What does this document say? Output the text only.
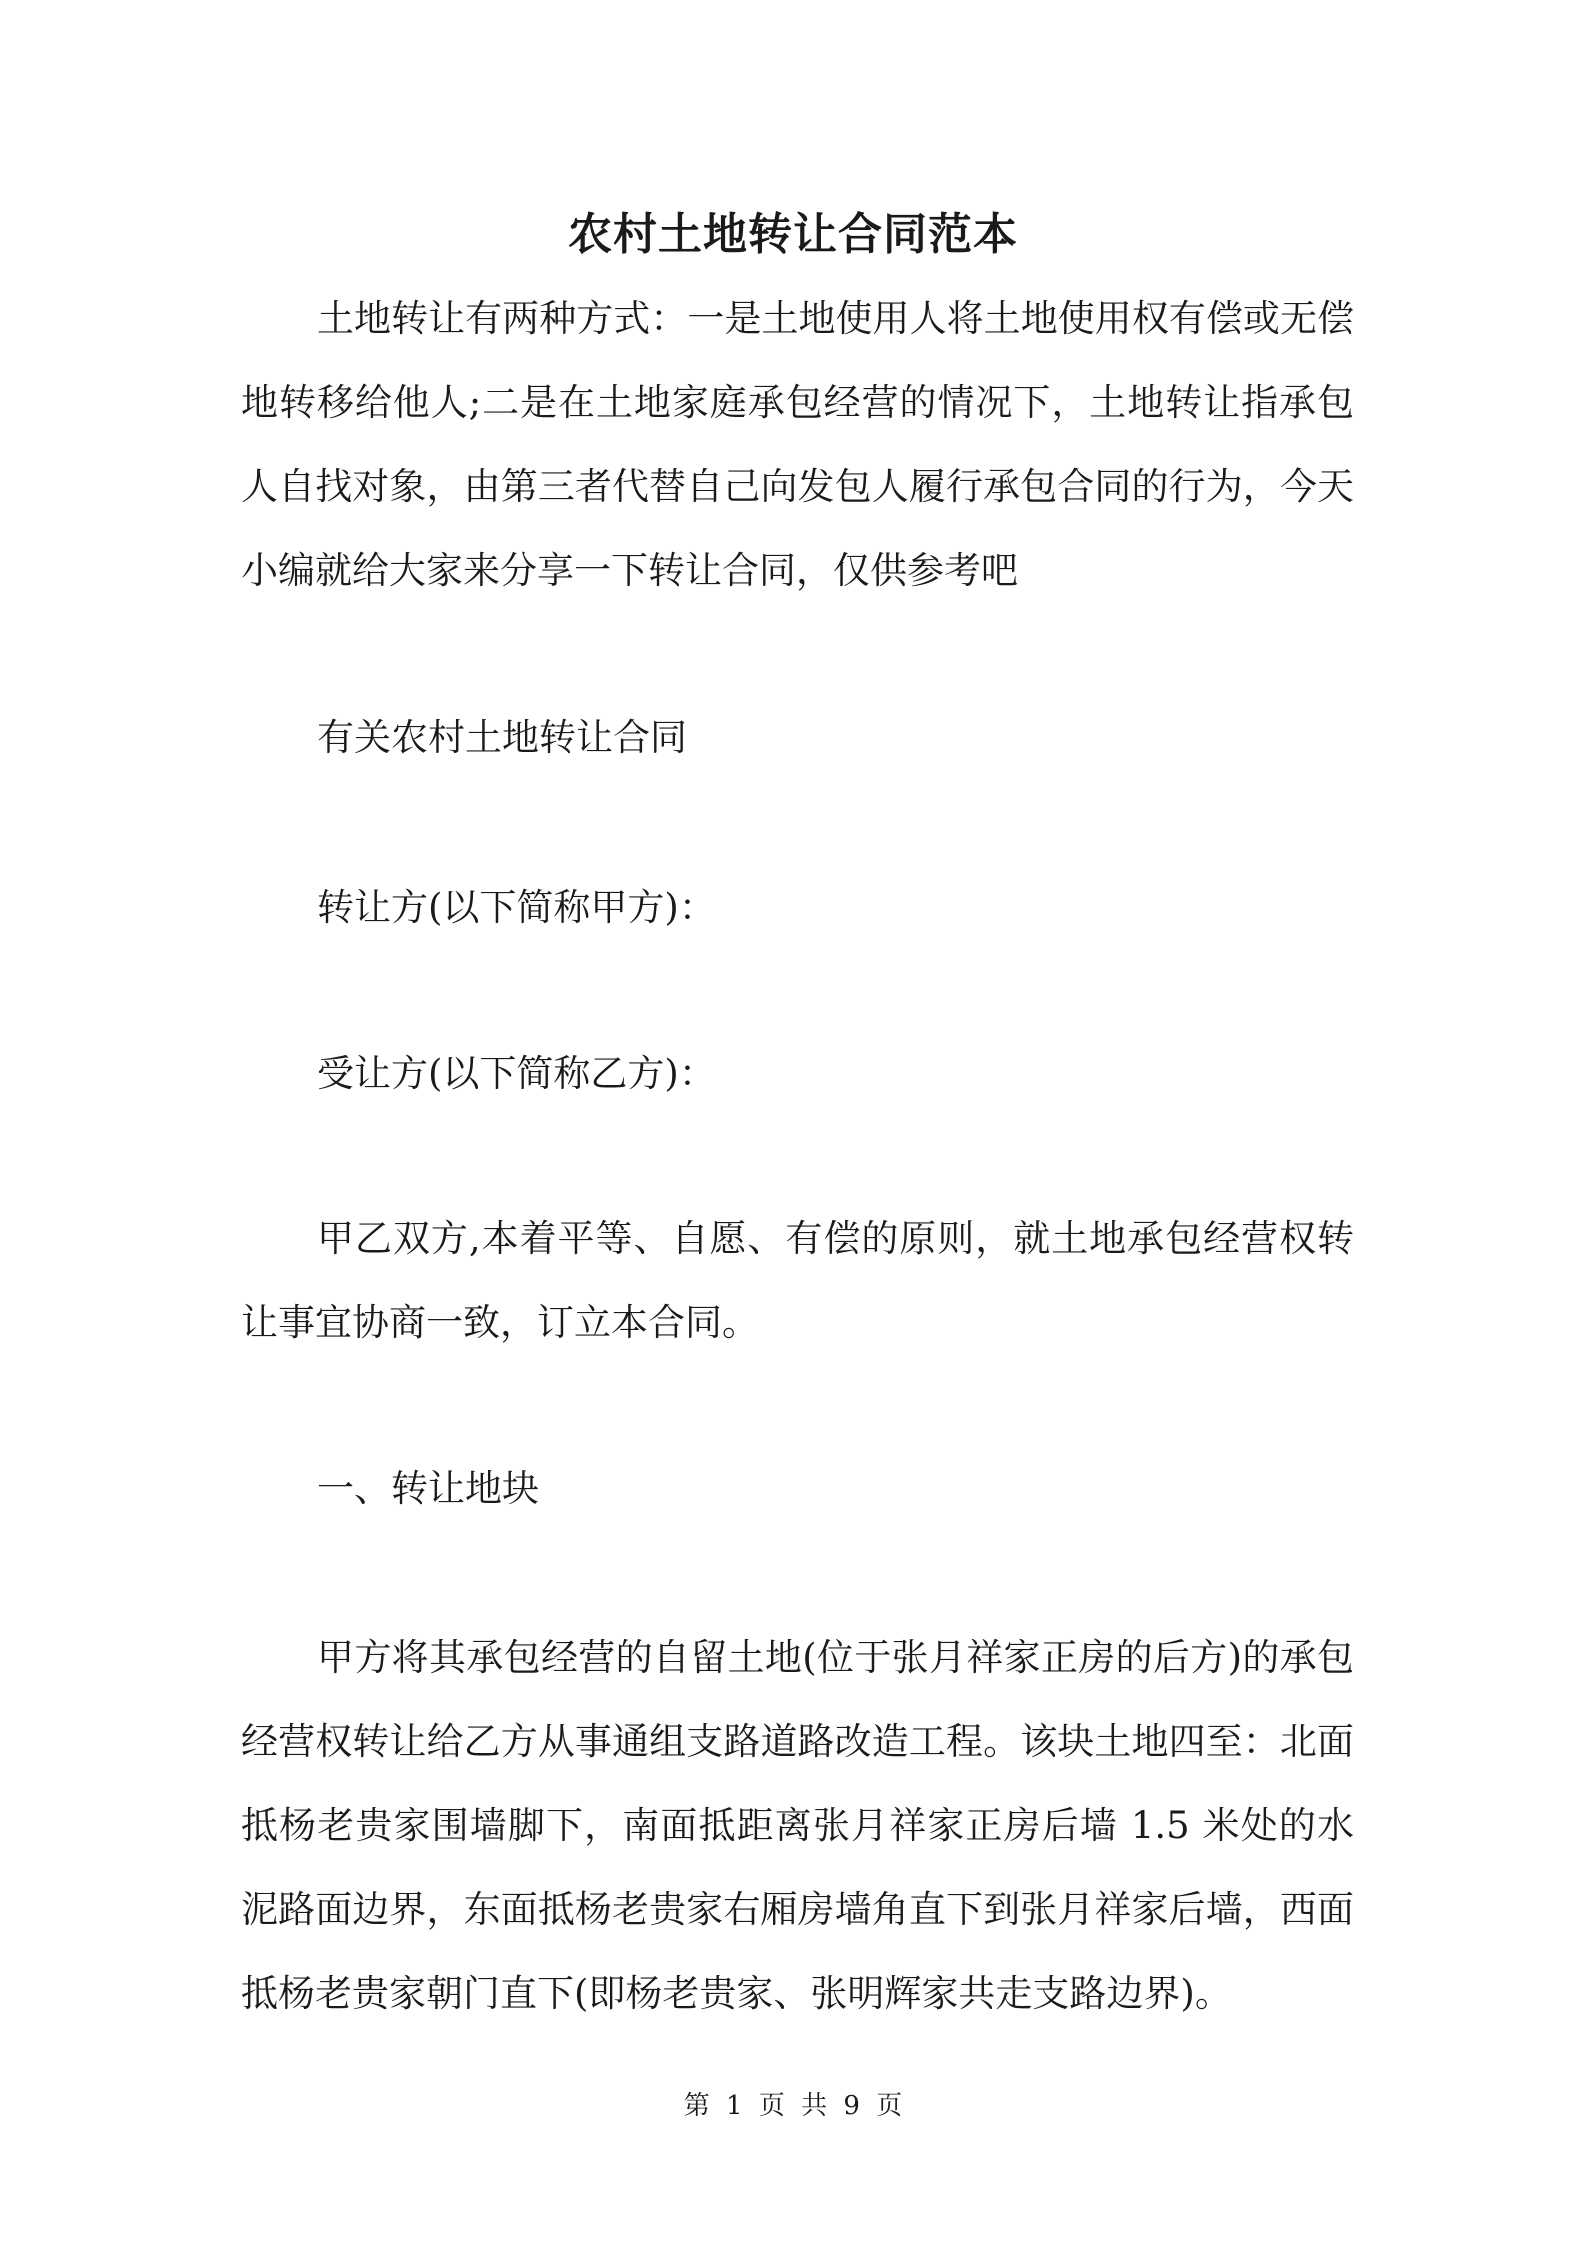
农村土地转让合同范本

土地转让有两种方式：一是土地使用人将土地使用权有偿或无偿地转移给他人;二是在土地家庭承包经营的情况下，土地转让指承包人自找对象，由第三者代替自己向发包人履行承包合同的行为，今天小编就给大家来分享一下转让合同，仅供参考吧

有关农村土地转让合同

转让方(以下简称甲方)：

受让方(以下简称乙方)：

甲乙双方,本着平等、自愿、有偿的原则，就土地承包经营权转让事宜协商一致，订立本合同。

一、转让地块

甲方将其承包经营的自留土地(位于张月祥家正房的后方)的承包经营权转让给乙方从事通组支路道路改造工程。该块土地四至：北面抵杨老贵家围墙脚下，南面抵距离张月祥家正房后墙 1.5 米处的水泥路面边界，东面抵杨老贵家右厢房墙角直下到张月祥家后墙，西面抵杨老贵家朝门直下(即杨老贵家、张明辉家共走支路边界)。

第 1 页 共 9 页
